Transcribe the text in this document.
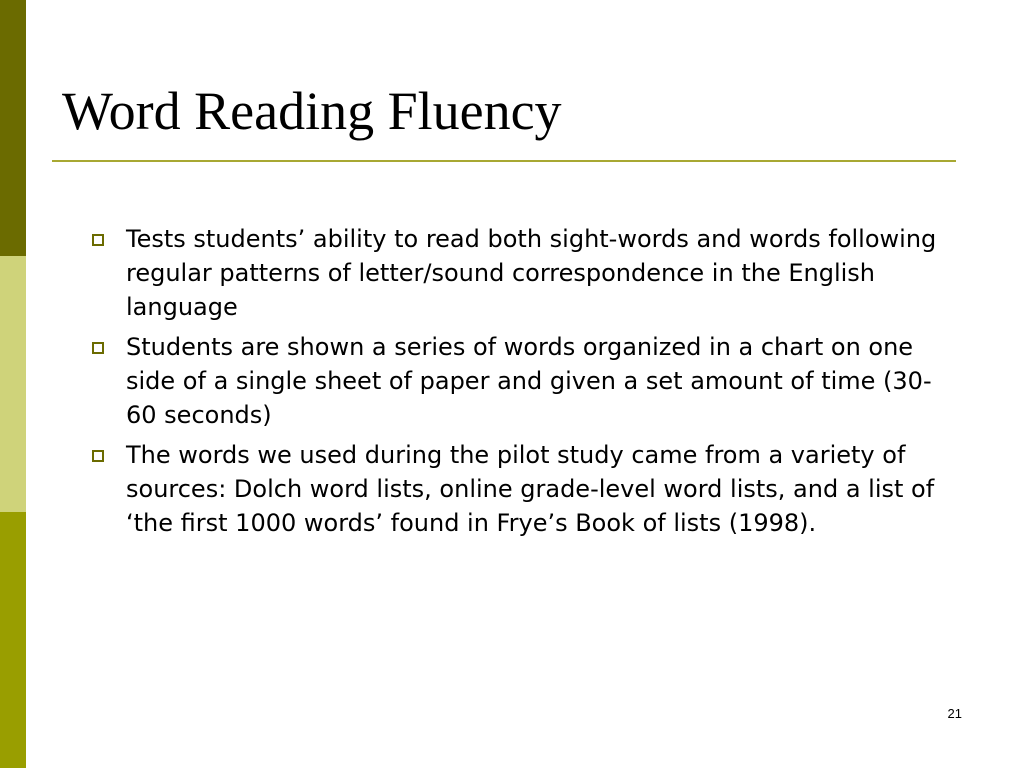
Word Reading Fluency
Tests students’ ability to read both sight-words and words following regular patterns of letter/sound correspondence in the English language
Students are shown a series of words organized in a chart on one side of a single sheet of paper and given a set amount of time (30-60 seconds)
The words we used during the pilot study came from a variety of sources: Dolch word lists, online grade-level word lists, and a list of ‘the first 1000 words’ found in Frye’s Book of lists (1998).
21
